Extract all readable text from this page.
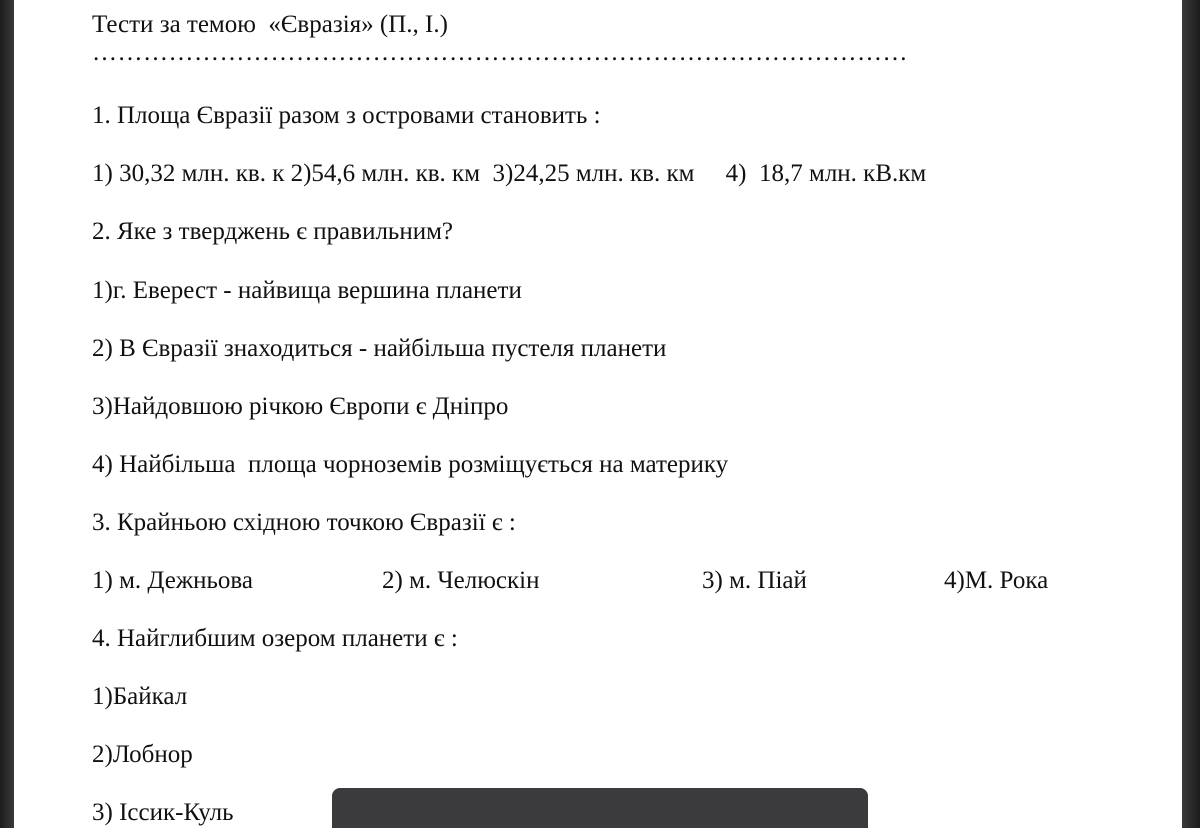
Тести за темою  «Євразія» (П., І.)
……………………………………………………………………………………
1. Площа Євразії разом з островами становить :
1) 30,32 млн. кв. к 2)54,6 млн. кв. км  3)24,25 млн. кв. км     4)  18,7 млн. кВ.км
2. Яке з тверджень є правильним?
1)г. Еверест - найвища вершина планети
2) В Євразії знаходиться - найбільша пустеля планети
3)Найдовшою річкою Європи є Дніпро
4) Найбільша  площа чорноземів розміщується на материку
3. Крайньою східною точкою Євразії є :
1) м. Дежньова	2) м. Челюскін	3) м. Піай	4)М. Рока
4. Найглибшим озером планети є :
1)Байкал
2)Лобнор
3) Іссик-Куль
